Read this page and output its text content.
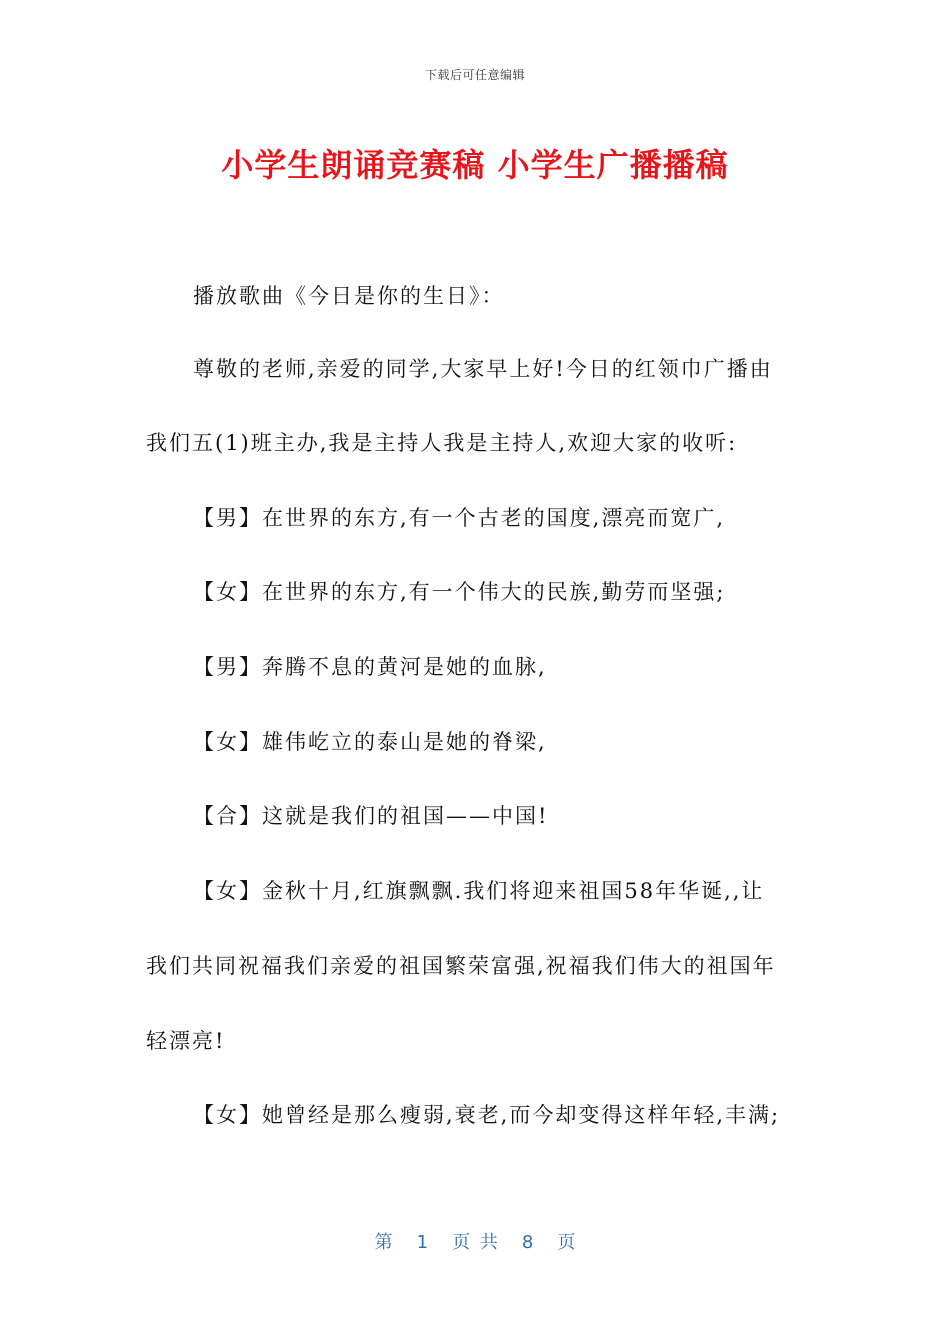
下载后可任意编辑
小学生朗诵竞赛稿 小学生广播播稿
播放歌曲《今日是你的生日》：
尊敬的老师,亲爱的同学,大家早上好!今日的红领巾广播由
我们五(1)班主办,我是主持人我是主持人,欢迎大家的收听:
【男】在世界的东方,有一个古老的国度,漂亮而宽广,
【女】在世界的东方,有一个伟大的民族,勤劳而坚强;
【男】奔腾不息的黄河是她的血脉,
【女】雄伟屹立的泰山是她的脊梁,
【合】这就是我们的祖国——中国!
【女】金秋十月,红旗飘飘.我们将迎来祖国58年华诞,,让
我们共同祝福我们亲爱的祖国繁荣富强,祝福我们伟大的祖国年
轻漂亮!
【女】她曾经是那么瘦弱,衰老,而今却变得这样年轻,丰满;
第 1 页 共 8 页
